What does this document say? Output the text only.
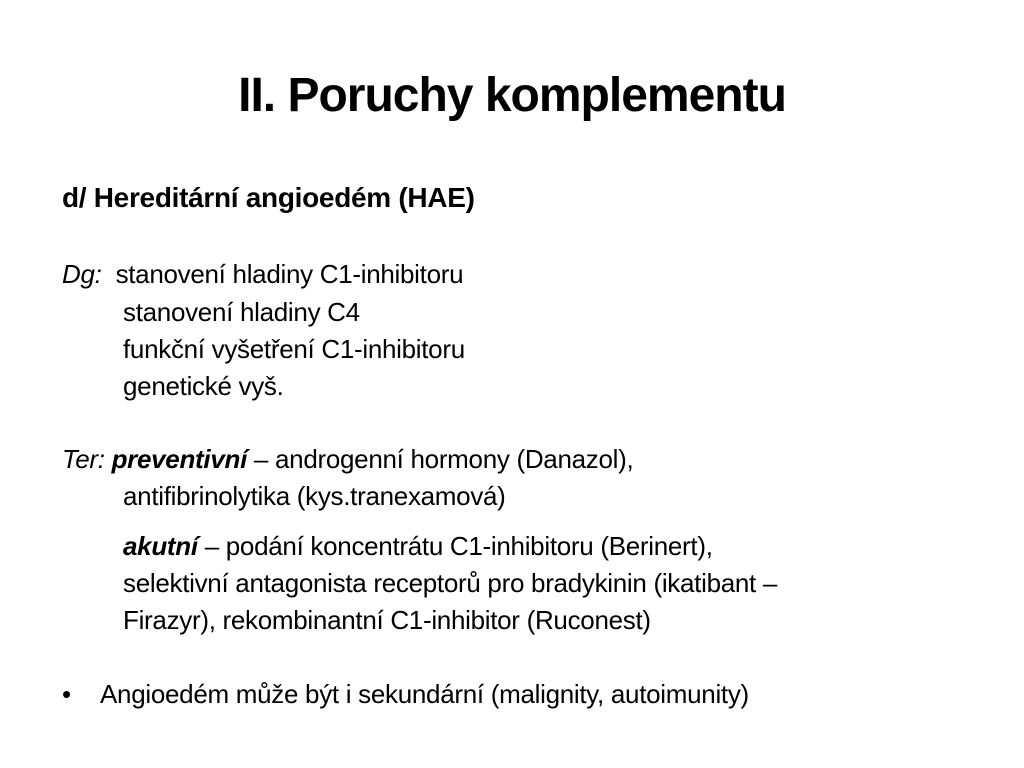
II. Poruchy komplementu
d/ Hereditární angioedém (HAE)
Dg: stanovení hladiny C1-inhibitoru
stanovení hladiny C4
funkční vyšetření C1-inhibitoru
genetické vyš.
Ter: preventivní – androgenní hormony (Danazol),
antifibrinolytika (kys.tranexamová)
akutní – podání koncentrátu C1-inhibitoru (Berinert),
selektivní antagonista receptorů pro bradykinin (ikatibant –
Firazyr), rekombinantní C1-inhibitor (Ruconest)
• Angioedém může být i sekundární (malignity, autoimunity)
